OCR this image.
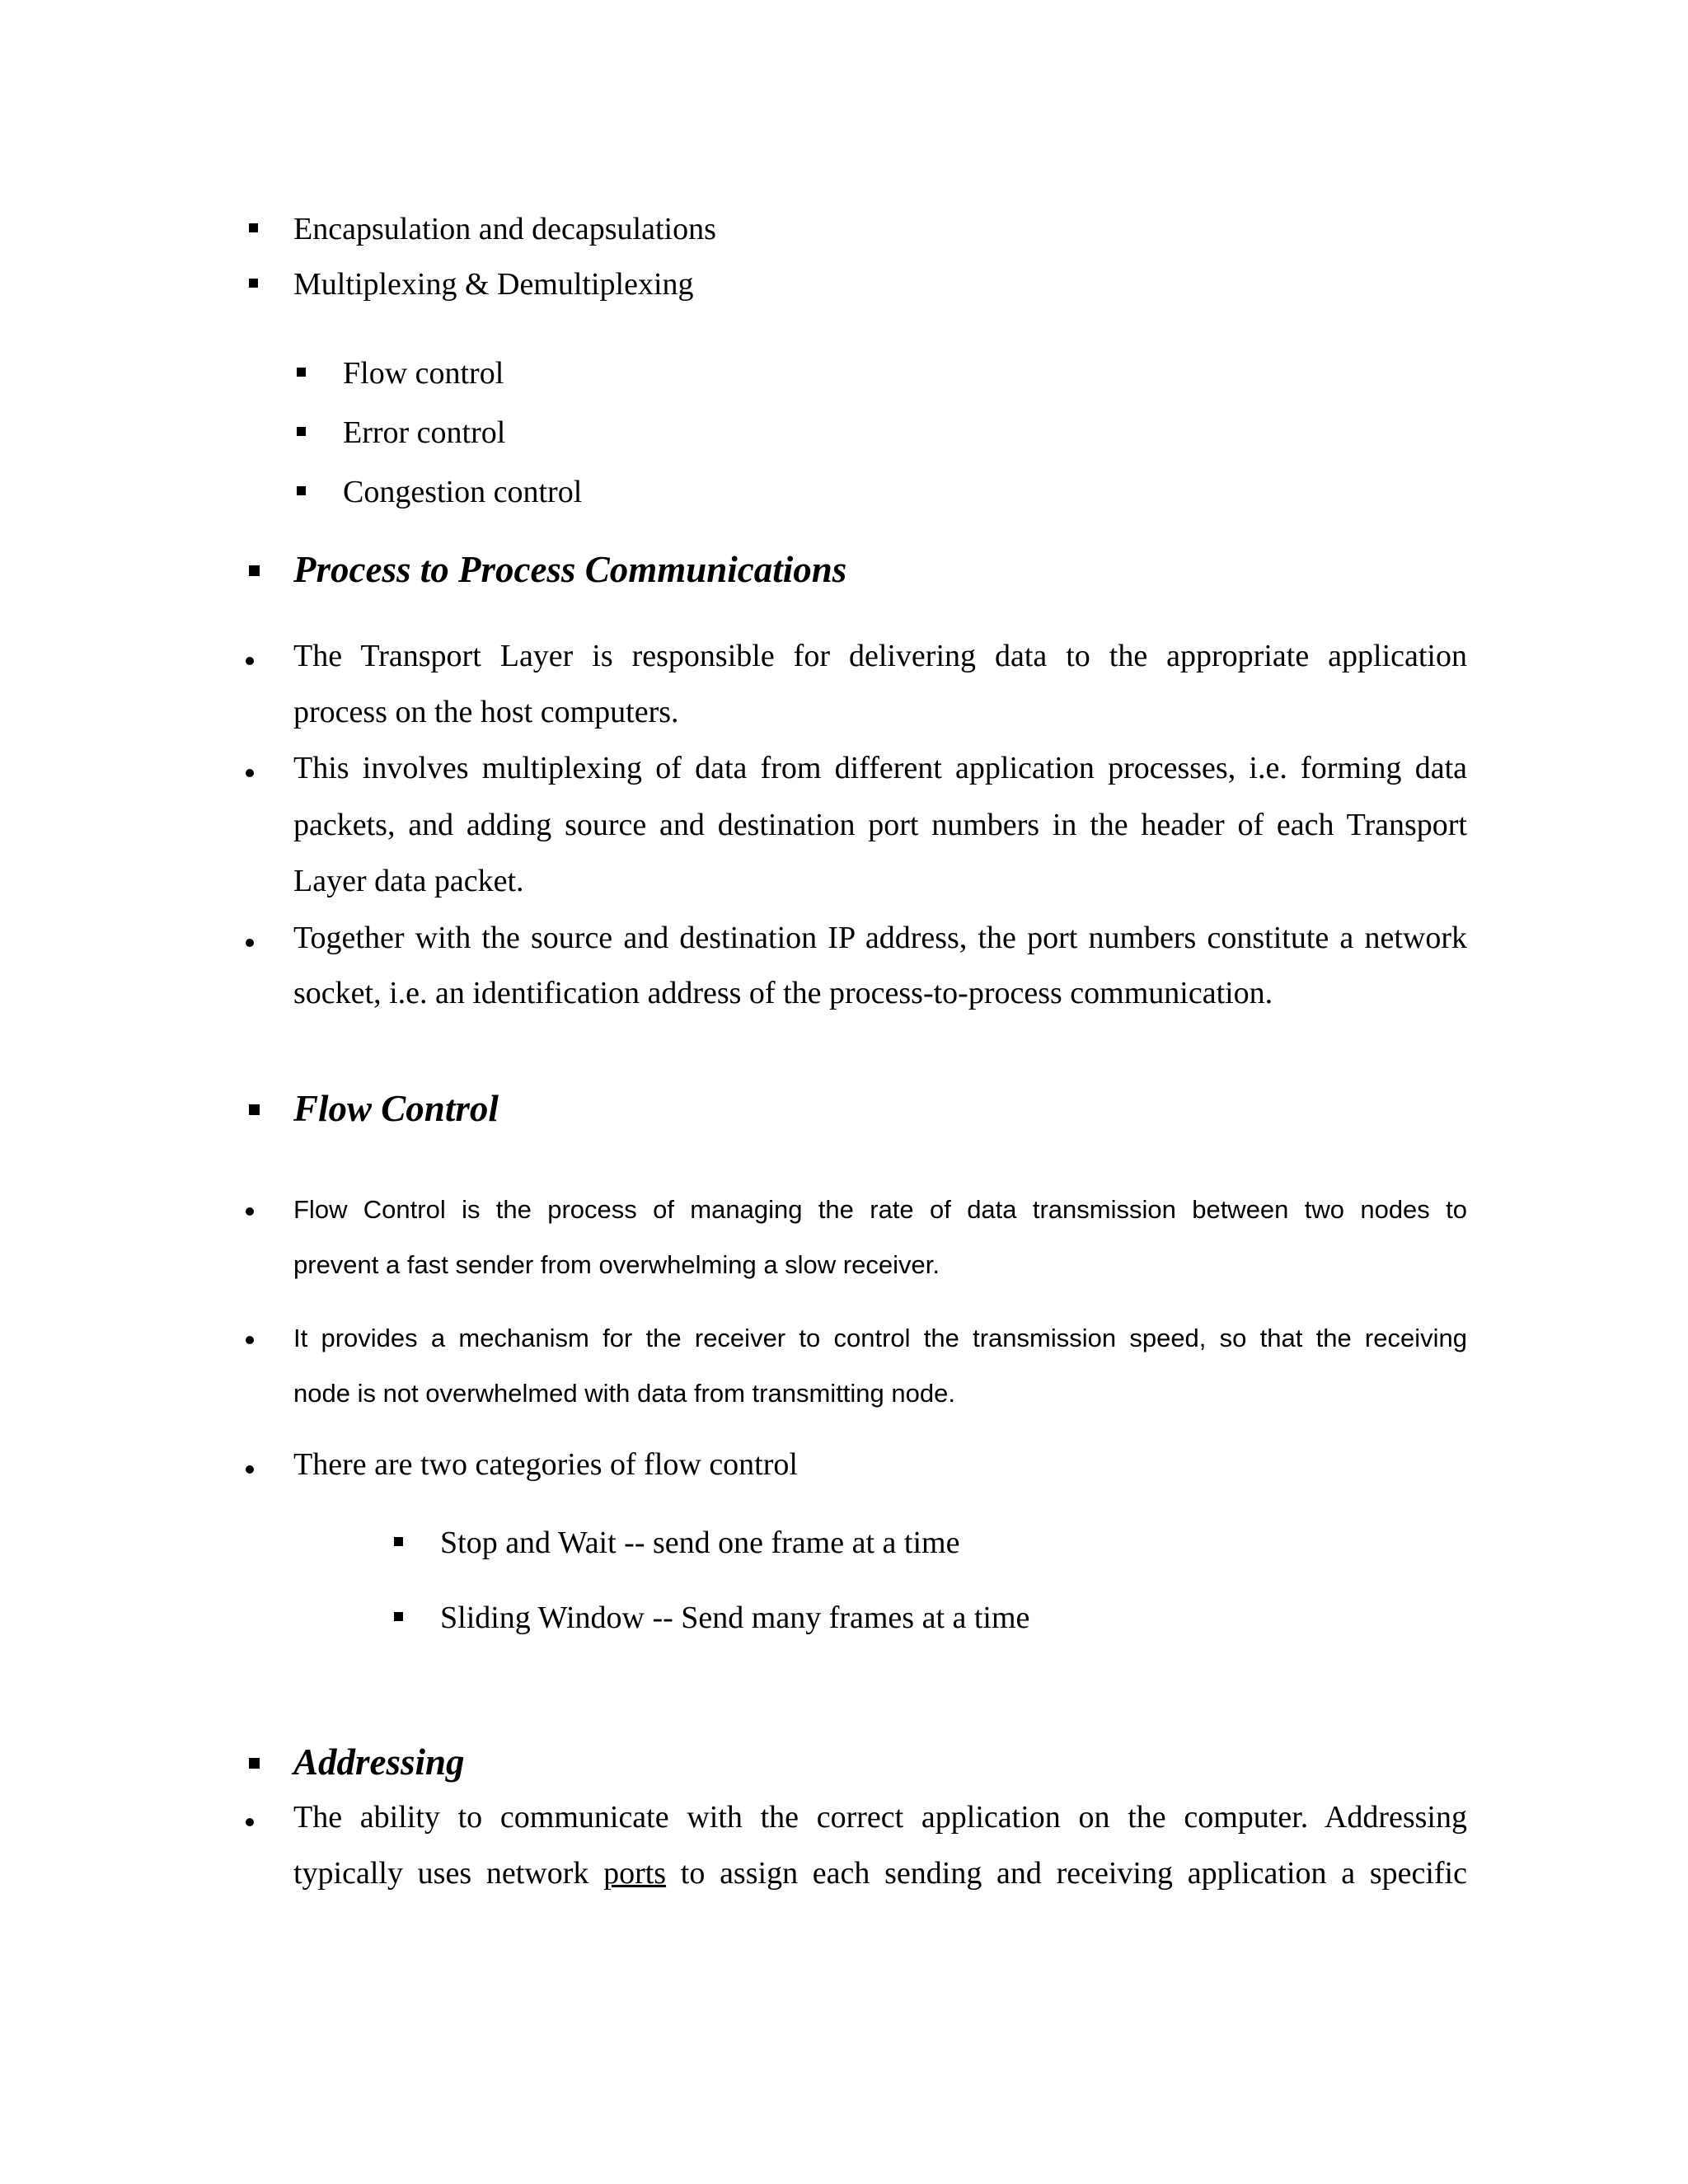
Encapsulation and decapsulations
Multiplexing & Demultiplexing
Flow control
Error control
Congestion control
Process to Process Communications
The Transport Layer is responsible for delivering data to the appropriate application
process on the host computers.
This involves multiplexing of data from different application processes, i.e. forming data
packets, and adding source and destination port numbers in the header of each Transport
Layer data packet.
Together with the source and destination IP address, the port numbers constitute a network
socket, i.e. an identification address of the process-to-process communication.
Flow Control
Flow Control is the process of managing the rate of data transmission between two nodes to
prevent a fast sender from overwhelming a slow receiver.
It provides a mechanism for the receiver to control the transmission speed, so that the receiving
node is not overwhelmed with data from transmitting node.
There are two categories of flow control
Stop and Wait -- send one frame at a time
Sliding Window -- Send many frames at a time
Addressing
The ability to communicate with the correct application on the computer. Addressing
typically uses network ports to assign each sending and receiving application a specific
